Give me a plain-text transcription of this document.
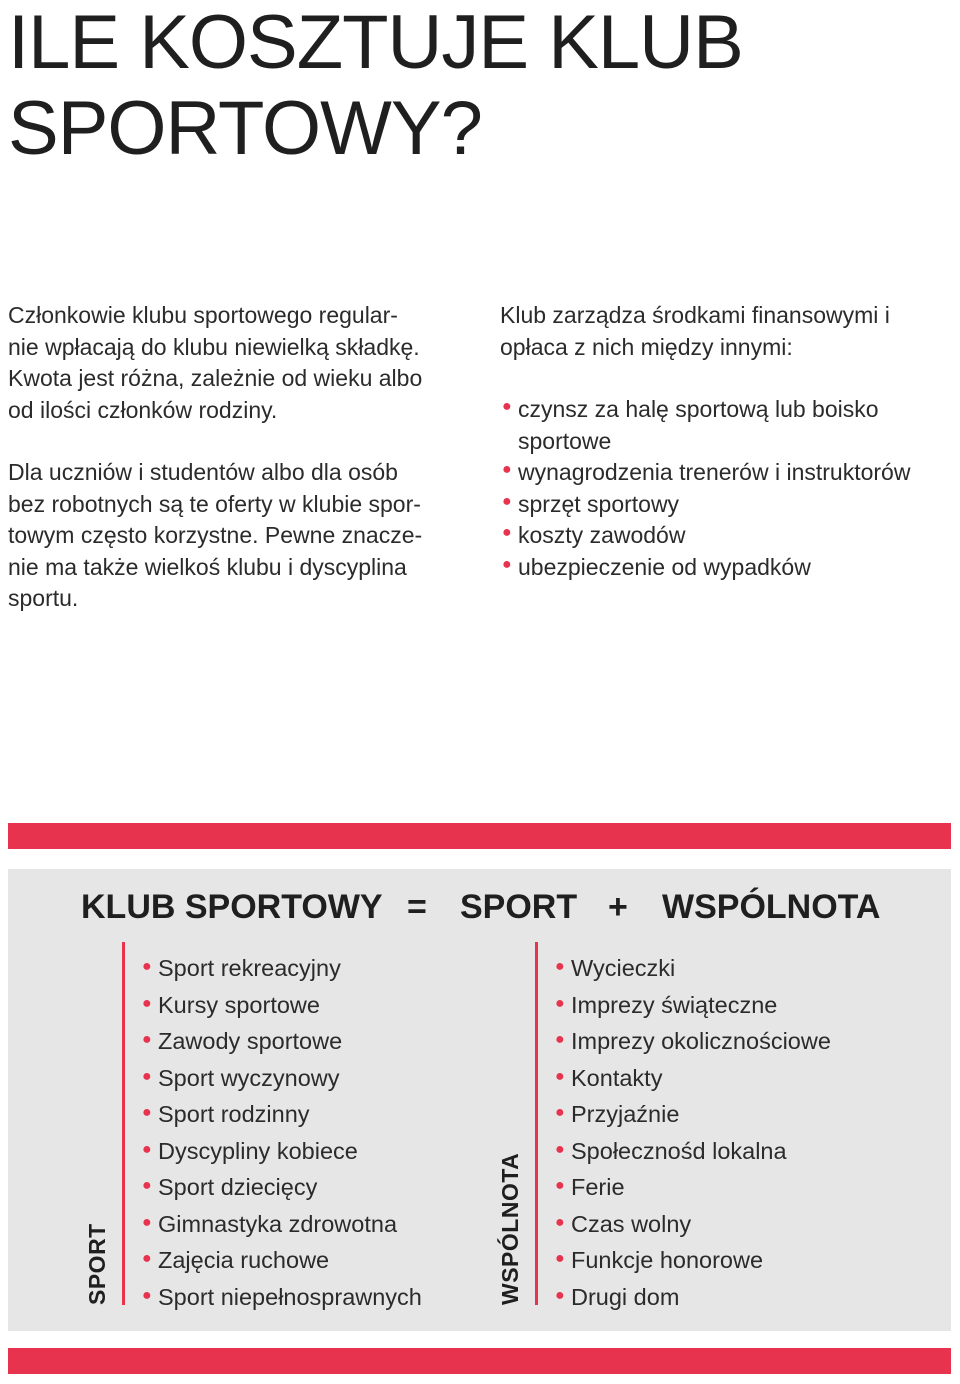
ILE KOSZTUJE KLUB
SPORTOWY?

Członkowie klubu sportowego regular-
nie wpłacają do klubu niewielką składkę.
Kwota jest różna, zależnie od wieku albo
od ilości członków rodziny.

Dla uczniów i studentów albo dla osób
bez robotnych są te oferty w klubie spor-
towym często korzystne. Pewne znacze-
nie ma także wielkoś klubu i dyscyplina
sportu.

Klub zarządza środkami finansowymi i
opłaca z nich między innymi:

● czynsz za halę sportową lub boisko
sportowe
● wynagrodzenia trenerów i instruktorów
● sprzęt sportowy
● koszty zawodów
● ubezpieczenie od wypadków
KLUB SPORTOWY = SPORT + WSPÓLNOTA
SPORT
● Sport rekreacyjny
● Kursy sportowe
● Zawody sportowe
● Sport wyczynowy
● Sport rodzinny
● Dyscypliny kobiece
● Sport dziecięcy
● Gimnastyka zdrowotna
● Zajęcia ruchowe
● Sport niepełnosprawnych	WSPÓLNOTA
● Wycieczki
● Imprezy świąteczne
● Imprezy okolicznościowe
● Kontakty
● Przyjaźnie
● Społecznośd lokalna
● Ferie
● Czas wolny
● Funkcje honorowe
● Drugi dom
